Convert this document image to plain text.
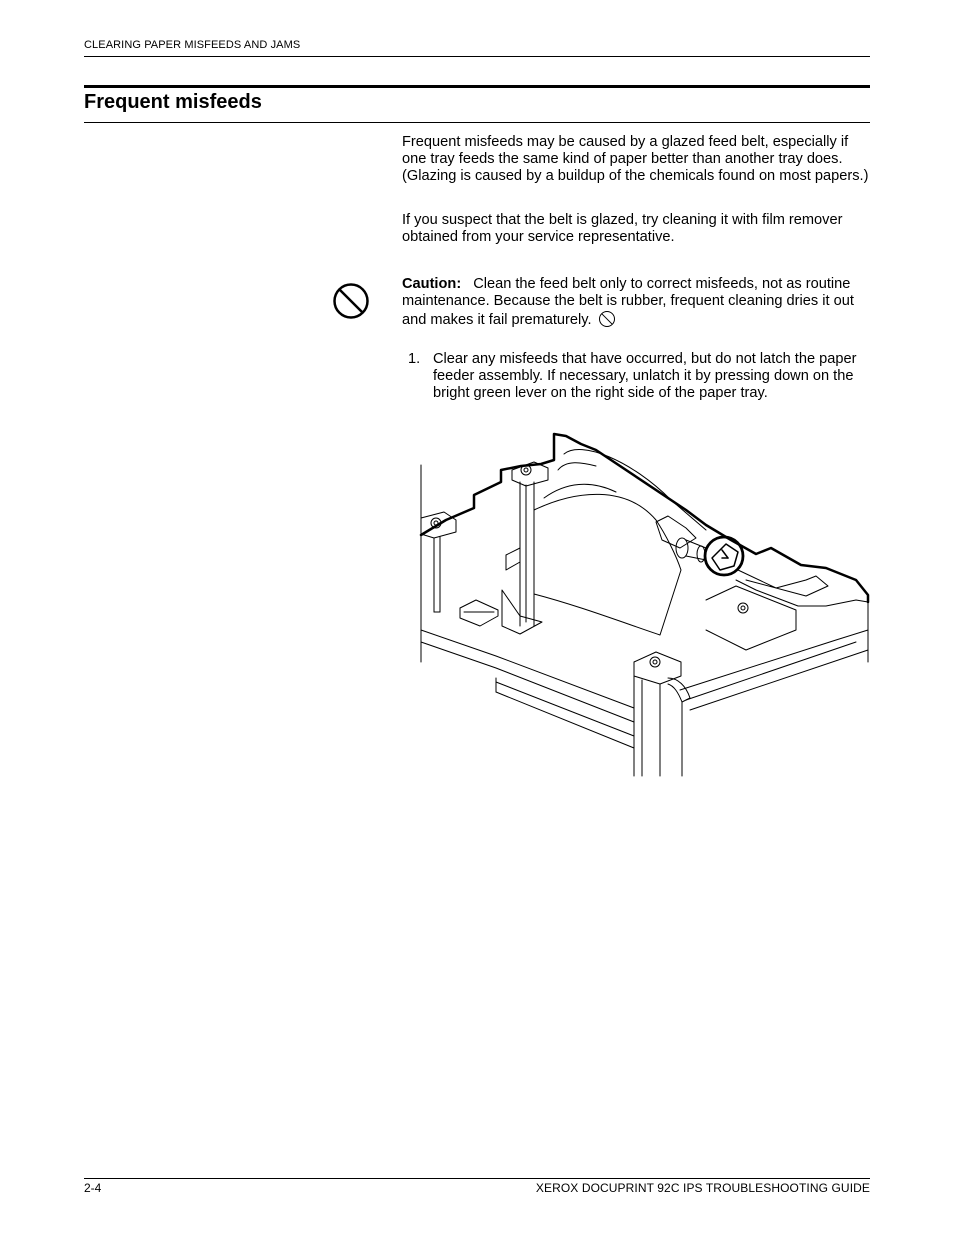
CLEARING PAPER MISFEEDS AND JAMS
Frequent misfeeds

Frequent misfeeds may be caused by a glazed feed belt, especially if one tray feeds the same kind of paper better than another tray does. (Glazing is caused by a buildup of the chemicals found on most papers.)

If you suspect that the belt is glazed, try cleaning it with film remover obtained from your service representative.

Caution: Clean the feed belt only to correct misfeeds, not as routine maintenance. Because the belt is rubber, frequent cleaning dries it out and makes it fail prematurely.

1. Clear any misfeeds that have occurred, but do not latch the paper feeder assembly. If necessary, unlatch it by pressing down on the bright green lever on the right side of the paper tray.
2-4	XEROX DOCUPRINT 92C IPS TROUBLESHOOTING GUIDE
